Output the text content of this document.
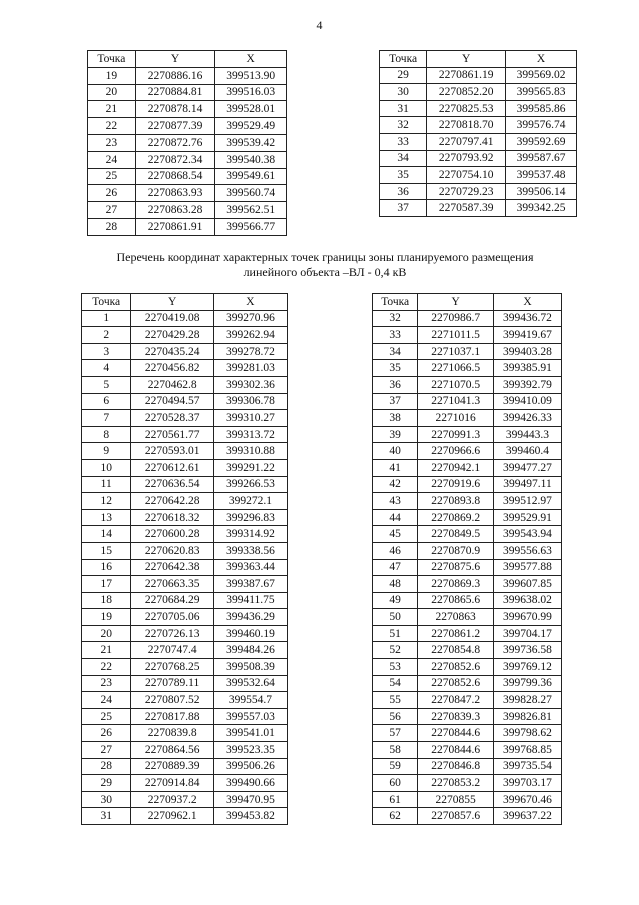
4
Точка	Y	X
19	2270886.16	399513.90
20	2270884.81	399516.03
21	2270878.14	399528.01
22	2270877.39	399529.49
23	2270872.76	399539.42
24	2270872.34	399540.38
25	2270868.54	399549.61
26	2270863.93	399560.74
27	2270863.28	399562.51
28	2270861.91	399566.77
Точка	Y	X
29	2270861.19	399569.02
30	2270852.20	399565.83
31	2270825.53	399585.86
32	2270818.70	399576.74
33	2270797.41	399592.69
34	2270793.92	399587.67
35	2270754.10	399537.48
36	2270729.23	399506.14
37	2270587.39	399342.25
Перечень координат характерных точек границы зоны планируемого размещения
линейного объекта –ВЛ - 0,4 кВ
Точка	Y	X
1	2270419.08	399270.96
2	2270429.28	399262.94
3	2270435.24	399278.72
4	2270456.82	399281.03
5	2270462.8	399302.36
6	2270494.57	399306.78
7	2270528.37	399310.27
8	2270561.77	399313.72
9	2270593.01	399310.88
10	2270612.61	399291.22
11	2270636.54	399266.53
12	2270642.28	399272.1
13	2270618.32	399296.83
14	2270600.28	399314.92
15	2270620.83	399338.56
16	2270642.38	399363.44
17	2270663.35	399387.67
18	2270684.29	399411.75
19	2270705.06	399436.29
20	2270726.13	399460.19
21	2270747.4	399484.26
22	2270768.25	399508.39
23	2270789.11	399532.64
24	2270807.52	399554.7
25	2270817.88	399557.03
26	2270839.8	399541.01
27	2270864.56	399523.35
28	2270889.39	399506.26
29	2270914.84	399490.66
30	2270937.2	399470.95
31	2270962.1	399453.82
Точка	Y	X
32	2270986.7	399436.72
33	2271011.5	399419.67
34	2271037.1	399403.28
35	2271066.5	399385.91
36	2271070.5	399392.79
37	2271041.3	399410.09
38	2271016	399426.33
39	2270991.3	399443.3
40	2270966.6	399460.4
41	2270942.1	399477.27
42	2270919.6	399497.11
43	2270893.8	399512.97
44	2270869.2	399529.91
45	2270849.5	399543.94
46	2270870.9	399556.63
47	2270875.6	399577.88
48	2270869.3	399607.85
49	2270865.6	399638.02
50	2270863	399670.99
51	2270861.2	399704.17
52	2270854.8	399736.58
53	2270852.6	399769.12
54	2270852.6	399799.36
55	2270847.2	399828.27
56	2270839.3	399826.81
57	2270844.6	399798.62
58	2270844.6	399768.85
59	2270846.8	399735.54
60	2270853.2	399703.17
61	2270855	399670.46
62	2270857.6	399637.22
